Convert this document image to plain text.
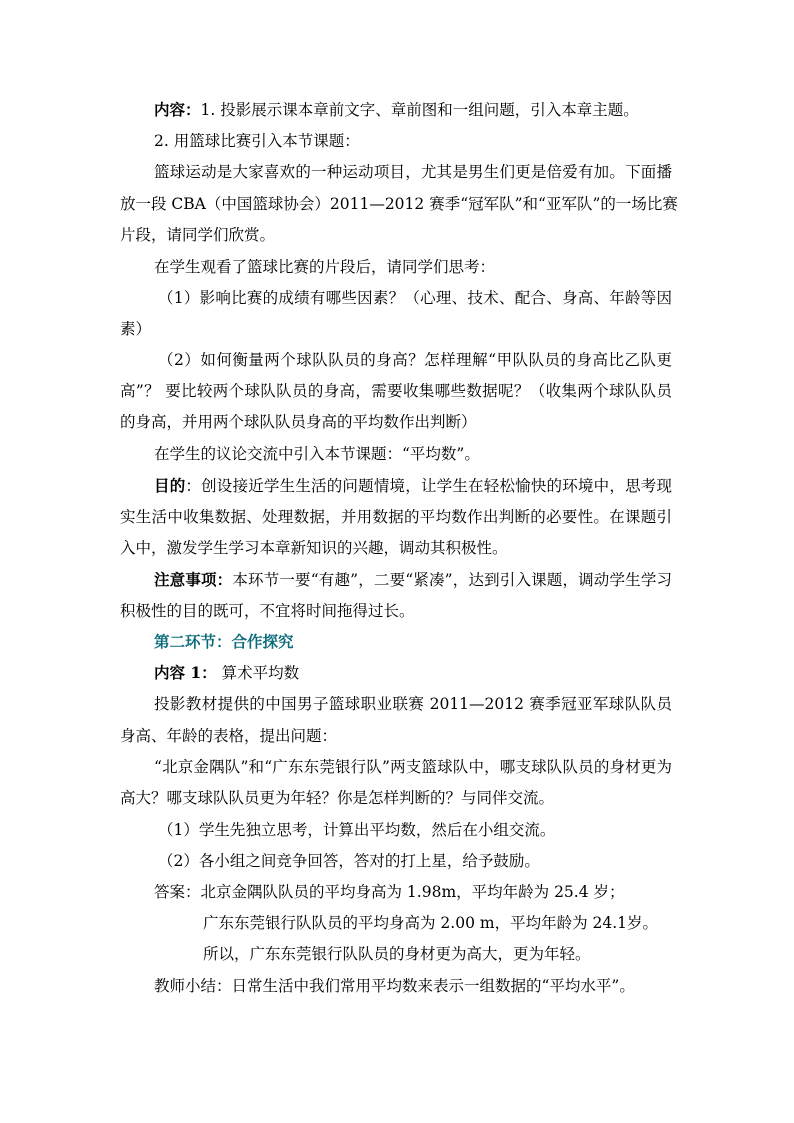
内容：1. 投影展示课本章前文字、章前图和一组问题，引入本章主题。
2. 用篮球比赛引入本节课题：
篮球运动是大家喜欢的一种运动项目，尤其是男生们更是倍爱有加。下面播
放一段 CBA（中国篮球协会）2011—2012 赛季“冠军队”和“亚军队”的一场比赛
片段，请同学们欣赏。
在学生观看了篮球比赛的片段后，请同学们思考：
（1）影响比赛的成绩有哪些因素？（心理、技术、配合、身高、年龄等因
素）
（2）如何衡量两个球队队员的身高？怎样理解“甲队队员的身高比乙队更
高”？ 要比较两个球队队员的身高，需要收集哪些数据呢？（收集两个球队队员
的身高，并用两个球队队员身高的平均数作出判断）
在学生的议论交流中引入本节课题：“平均数”。
目的：创设接近学生生活的问题情境，让学生在轻松愉快的环境中，思考现
实生活中收集数据、处理数据，并用数据的平均数作出判断的必要性。在课题引
入中，激发学生学习本章新知识的兴趣，调动其积极性。
注意事项：本环节一要“有趣”，二要“紧凑”，达到引入课题，调动学生学习
积极性的目的既可，不宜将时间拖得过长。
第二环节：合作探究
内容 1： 算术平均数
投影教材提供的中国男子篮球职业联赛 2011—2012 赛季冠亚军球队队员
身高、年龄的表格，提出问题：
“北京金隅队”和“广东东莞银行队”两支篮球队中，哪支球队队员的身材更为
高大？哪支球队队员更为年轻？你是怎样判断的？与同伴交流。
（1）学生先独立思考，计算出平均数，然后在小组交流。
（2）各小组之间竞争回答，答对的打上星，给予鼓励。
答案：北京金隅队队员的平均身高为 1.98m，平均年龄为 25.4 岁；
广东东莞银行队队员的平均身高为 2.00 m，平均年龄为 24.1岁。
所以，广东东莞银行队队员的身材更为高大，更为年轻。
教师小结：日常生活中我们常用平均数来表示一组数据的“平均水平”。
